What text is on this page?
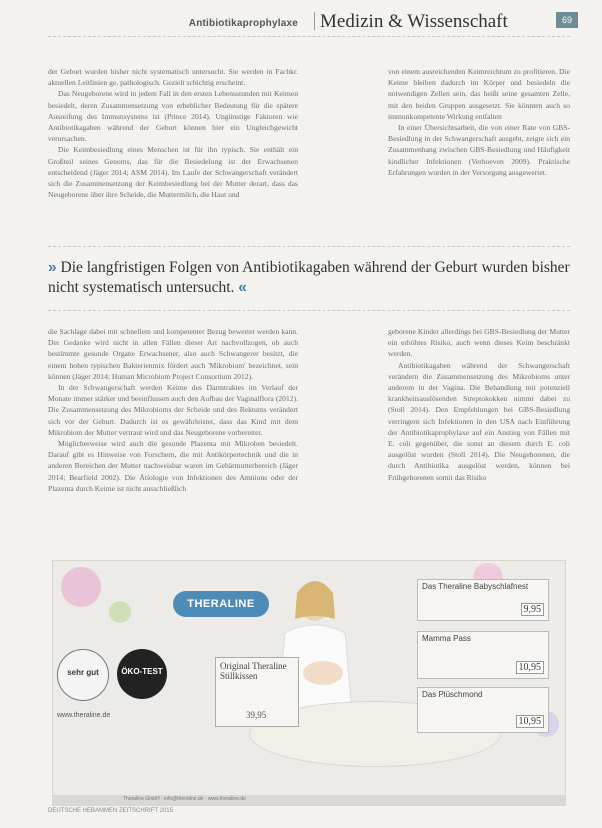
Antibiotikaprophylaxe Medizin & Wissenschaft	69

der Geburt wurden bisher nicht systematisch untersucht. Sie werden in Fachkr. aktuellen Leitlinien ge. pathologisch. Gezielt schichtig erscheint.

Das Neugeborene wird in jedem Fall in den ersten Lebensstunden mit Keimen besiedelt, deren Zusammensetzung von erheblicher Bedeutung für die spätere Ausreifung des Immunsystems ist (Prince 2014). Ungünstige Faktoren wie Antibiotikagaben während der Geburt können hier ein Ungleichgewicht verursachen.

Die Keimbesiedlung eines Menschen ist für ihn typisch. Sie enthält ein Großteil seines Genoms, das für die Besiedelung ist der Erwachsenen entscheidend (Jäger 2014; ASM 2014). Im Laufe der Schwangerschaft verändert sich die Zusammensetzung der Keimbesiedlung bei der Mutter derart, dass das Neugeborene über ihre Scheide, die Muttermilch, die Haut und

von einem ausreichenden Keimreichtum zu profitieren. Die Keime bleiben dadurch im Körper und besiedeln die notwendigen Zellen sein, das heißt seine gesamten Zelle, mit den beiden Gruppen ausgesetzt. Sie könnten auch so immunkompetente Wirkung entfalten

In einer Übersichtsarbeit, die von einer Rate von GBS-Besiedlung in der Schwangerschaft ausgeht, zeigte sich ein Zusammenhang zwischen GBS-Besiedlung und Häufigkeit kindlicher Infektionen (Verhoeven 2009). Praktische Erfahrungen wurden in der Versorgung ausgewertet.

» Die langfristigen Folgen von Antibiotikagaben während der Geburt wurden bisher nicht systematisch untersucht. «

die Sachlage dabei mit schnellem und kompetenter Bezug bewertet werden kann. Der Gedanke wird nicht in allen Fällen dieser Art nachvollzogen, ob auch bestimmte gesunde Organe Erwachsener, also auch Schwangerer besitzt, die einem hohen typischen Bakterienmix fördert auch 'Mikrobiom' bezeichnet, sein können (Jäger 2014; Human Microbiom Project Consortium 2012).

In der Schwangerschaft werden Keime des Darmtraktes im Verlauf der Monate immer stärker und beeinflussen auch den Aufbau der Vaginalflora (2012). Die Zusammensetzung des Mikrobioms der Scheide und des Rektums verändert sich vor der Geburt. Dadurch ist es gewährleistet, dass das Kind mit dem Mikrobiom der Mutter vertraut wird und das Neugeborene vorbereitet.

Möglicherweise wird auch die gesunde Plazenta mit Mikroben besiedelt. Darauf gibt es Hinweise von Forschern, die mit Antikörpertechnik und die in anderen Bereichen der Mutter nachweisbar waren im Gebärmutterbereich (Jäger 2014; Bearfield 2002). Die Ätiologie von Infektionen des Amnions oder der Plazenta durch Keime ist nicht ausschließlich

geborene Kinder allerdings bei GBS-Besiedlung der Mutter ein erhöhtes Risiko, auch wenn dieses Keim beschränkt werden.

Antibiotikagaben während der Schwangerschaft verändern die Zusammensetzung des Mikrobioms unter anderem in der Vagina. Die Behandlung mit potenziell krankheitsauslösenden Streptokokken nimmt dabei zu (Stoll 2014). Den Empfehlungen bei GBS-Besiedlung verringern sich Infektionen in den USA nach Einführung der Antibiotikaprophylaxe auf ein Anstieg von Fällen mit E. coli gegenüber, die sonst an diesem durch E. coli ausgelöst wurden (Stoll 2014). Die Neugeborenen, die durch Antibiotika ausgelöst werden, können bei Frühgeborenen somit das Risiko

THERALINE
sehr gut	ÖKO-TEST
www.theraline.de
Original Theraline Stillkissen
39,95
Das Theraline Babyschlafnest
9,95
Mamma Pass
10,95
Das Plüschmond
10,95
Theraline GmbH · info@theraline.de · www.theraline.de
DEUTSCHE HEBAMMEN ZEITSCHRIFT 2015
